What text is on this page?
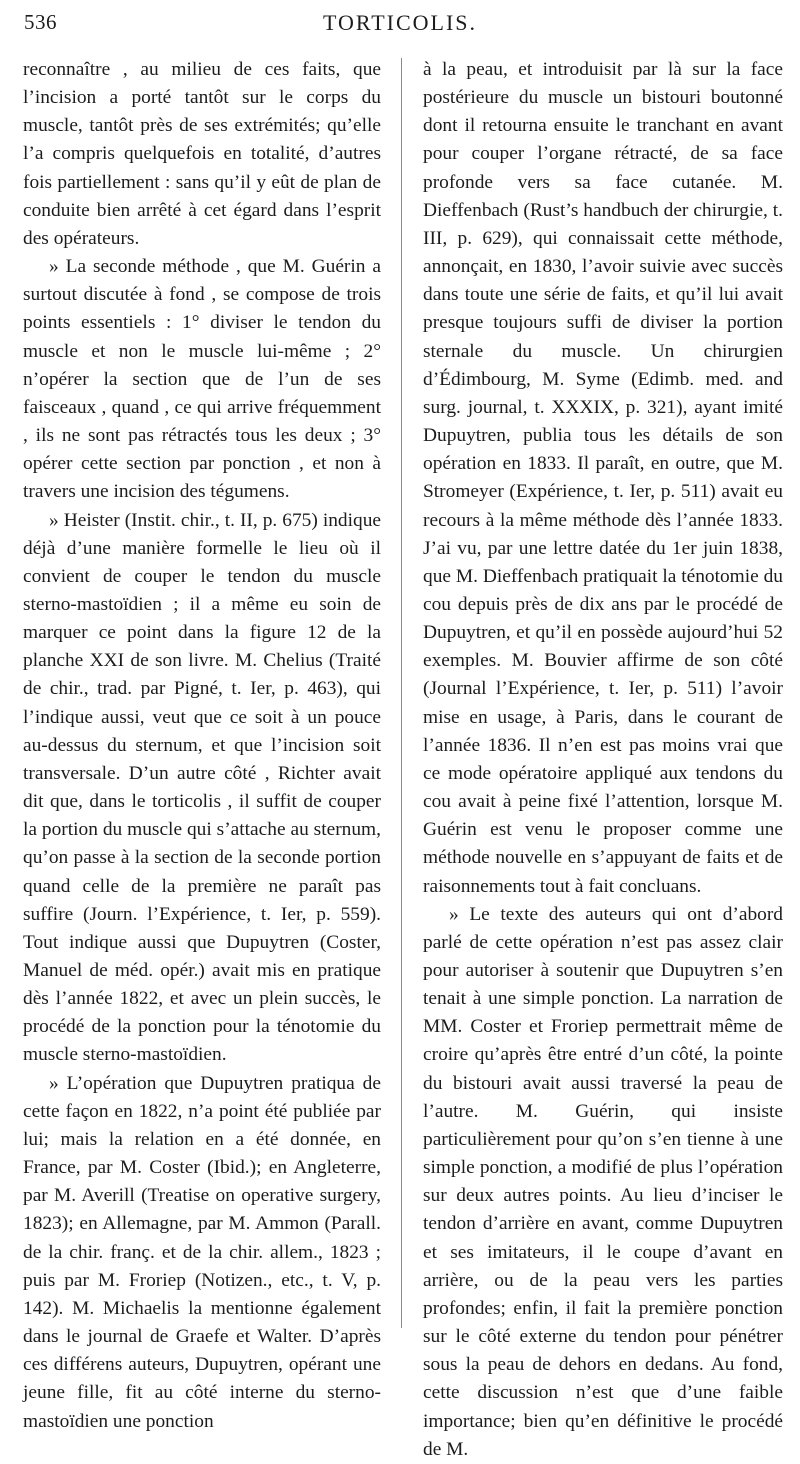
536	TORTICOLIS.

reconnaître , au milieu de ces faits, que l’incision a porté tantôt sur le corps du muscle, tantôt près de ses extrémités; qu’elle l’a compris quelquefois en totalité, d’autres fois partiellement : sans qu’il y eût de plan de conduite bien arrêté à cet égard dans l’esprit des opérateurs.

» La seconde méthode , que M. Guérin a surtout discutée à fond , se compose de trois points essentiels : 1° diviser le tendon du muscle et non le muscle lui-même ; 2° n’opérer la section que de l’un de ses faisceaux , quand , ce qui arrive fréquemment , ils ne sont pas rétractés tous les deux ; 3° opérer cette section par ponction , et non à travers une incision des tégumens.

» Heister (Instit. chir., t. II, p. 675) indique déjà d’une manière formelle le lieu où il convient de couper le tendon du muscle sterno-mastoïdien ; il a même eu soin de marquer ce point dans la figure 12 de la planche XXI de son livre. M. Chelius (Traité de chir., trad. par Pigné, t. Ier, p. 463), qui l’indique aussi, veut que ce soit à un pouce au-dessus du sternum, et que l’incision soit transversale. D’un autre côté , Richter avait dit que, dans le torticolis , il suffit de couper la portion du muscle qui s’attache au sternum, qu’on passe à la section de la seconde portion quand celle de la première ne paraît pas suffire (Journ. l’Expérience, t. Ier, p. 559). Tout indique aussi que Dupuytren (Coster, Manuel de méd. opér.) avait mis en pratique dès l’année 1822, et avec un plein succès, le procédé de la ponction pour la ténotomie du muscle sterno-mastoïdien.

» L’opération que Dupuytren pratiqua de cette façon en 1822, n’a point été publiée par lui; mais la relation en a été donnée, en France, par M. Coster (Ibid.); en Angleterre, par M. Averill (Treatise on operative surgery, 1823); en Allemagne, par M. Ammon (Parall. de la chir. franç. et de la chir. allem., 1823 ; puis par M. Froriep (Notizen., etc., t. V, p. 142). M. Michaelis la mentionne également dans le journal de Graefe et Walter. D’après ces différens auteurs, Dupuytren, opérant une jeune fille, fit au côté interne du sterno-mastoïdien une ponction

à la peau, et introduisit par là sur la face postérieure du muscle un bistouri boutonné dont il retourna ensuite le tranchant en avant pour couper l’organe rétracté, de sa face profonde vers sa face cutanée. M. Dieffenbach (Rust’s handbuch der chirurgie, t. III, p. 629), qui connaissait cette méthode, annonçait, en 1830, l’avoir suivie avec succès dans toute une série de faits, et qu’il lui avait presque toujours suffi de diviser la portion sternale du muscle. Un chirurgien d’Édimbourg, M. Syme (Edimb. med. and surg. journal, t. XXXIX, p. 321), ayant imité Dupuytren, publia tous les détails de son opération en 1833. Il paraît, en outre, que M. Stromeyer (Expérience, t. Ier, p. 511) avait eu recours à la même méthode dès l’année 1833. J’ai vu, par une lettre datée du 1er juin 1838, que M. Dieffenbach pratiquait la ténotomie du cou depuis près de dix ans par le procédé de Dupuytren, et qu’il en possède aujourd’hui 52 exemples. M. Bouvier affirme de son côté (Journal l’Expérience, t. Ier, p. 511) l’avoir mise en usage, à Paris, dans le courant de l’année 1836. Il n’en est pas moins vrai que ce mode opératoire appliqué aux tendons du cou avait à peine fixé l’attention, lorsque M. Guérin est venu le proposer comme une méthode nouvelle en s’appuyant de faits et de raisonnements tout à fait concluans.

» Le texte des auteurs qui ont d’abord parlé de cette opération n’est pas assez clair pour autoriser à soutenir que Dupuytren s’en tenait à une simple ponction. La narration de MM. Coster et Froriep permettrait même de croire qu’après être entré d’un côté, la pointe du bistouri avait aussi traversé la peau de l’autre. M. Guérin, qui insiste particulièrement pour qu’on s’en tienne à une simple ponction, a modifié de plus l’opération sur deux autres points. Au lieu d’inciser le tendon d’arrière en avant, comme Dupuytren et ses imitateurs, il le coupe d’avant en arrière, ou de la peau vers les parties profondes; enfin, il fait la première ponction sur le côté externe du tendon pour pénétrer sous la peau de dehors en dedans. Au fond, cette discussion n’est que d’une faible importance; bien qu’en définitive le procédé de M.
